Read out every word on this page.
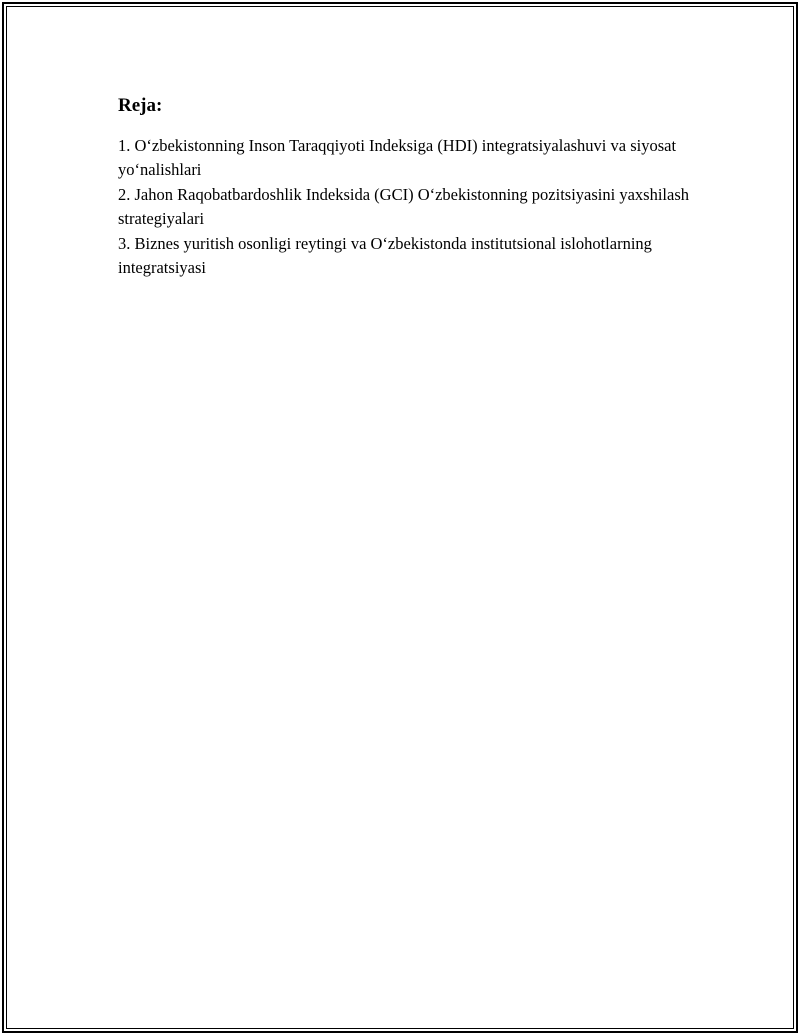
Reja:
1. O‘zbekistonning Inson Taraqqiyoti Indeksiga (HDI) integratsiyalashuvi va siyosat yo‘nalishlari
2. Jahon Raqobatbardoshlik Indeksida (GCI) O‘zbekistonning pozitsiyasini yaxshilash strategiyalari
3. Biznes yuritish osonligi reytingi va O‘zbekistonda institutsional islohotlarning integratsiyasi
